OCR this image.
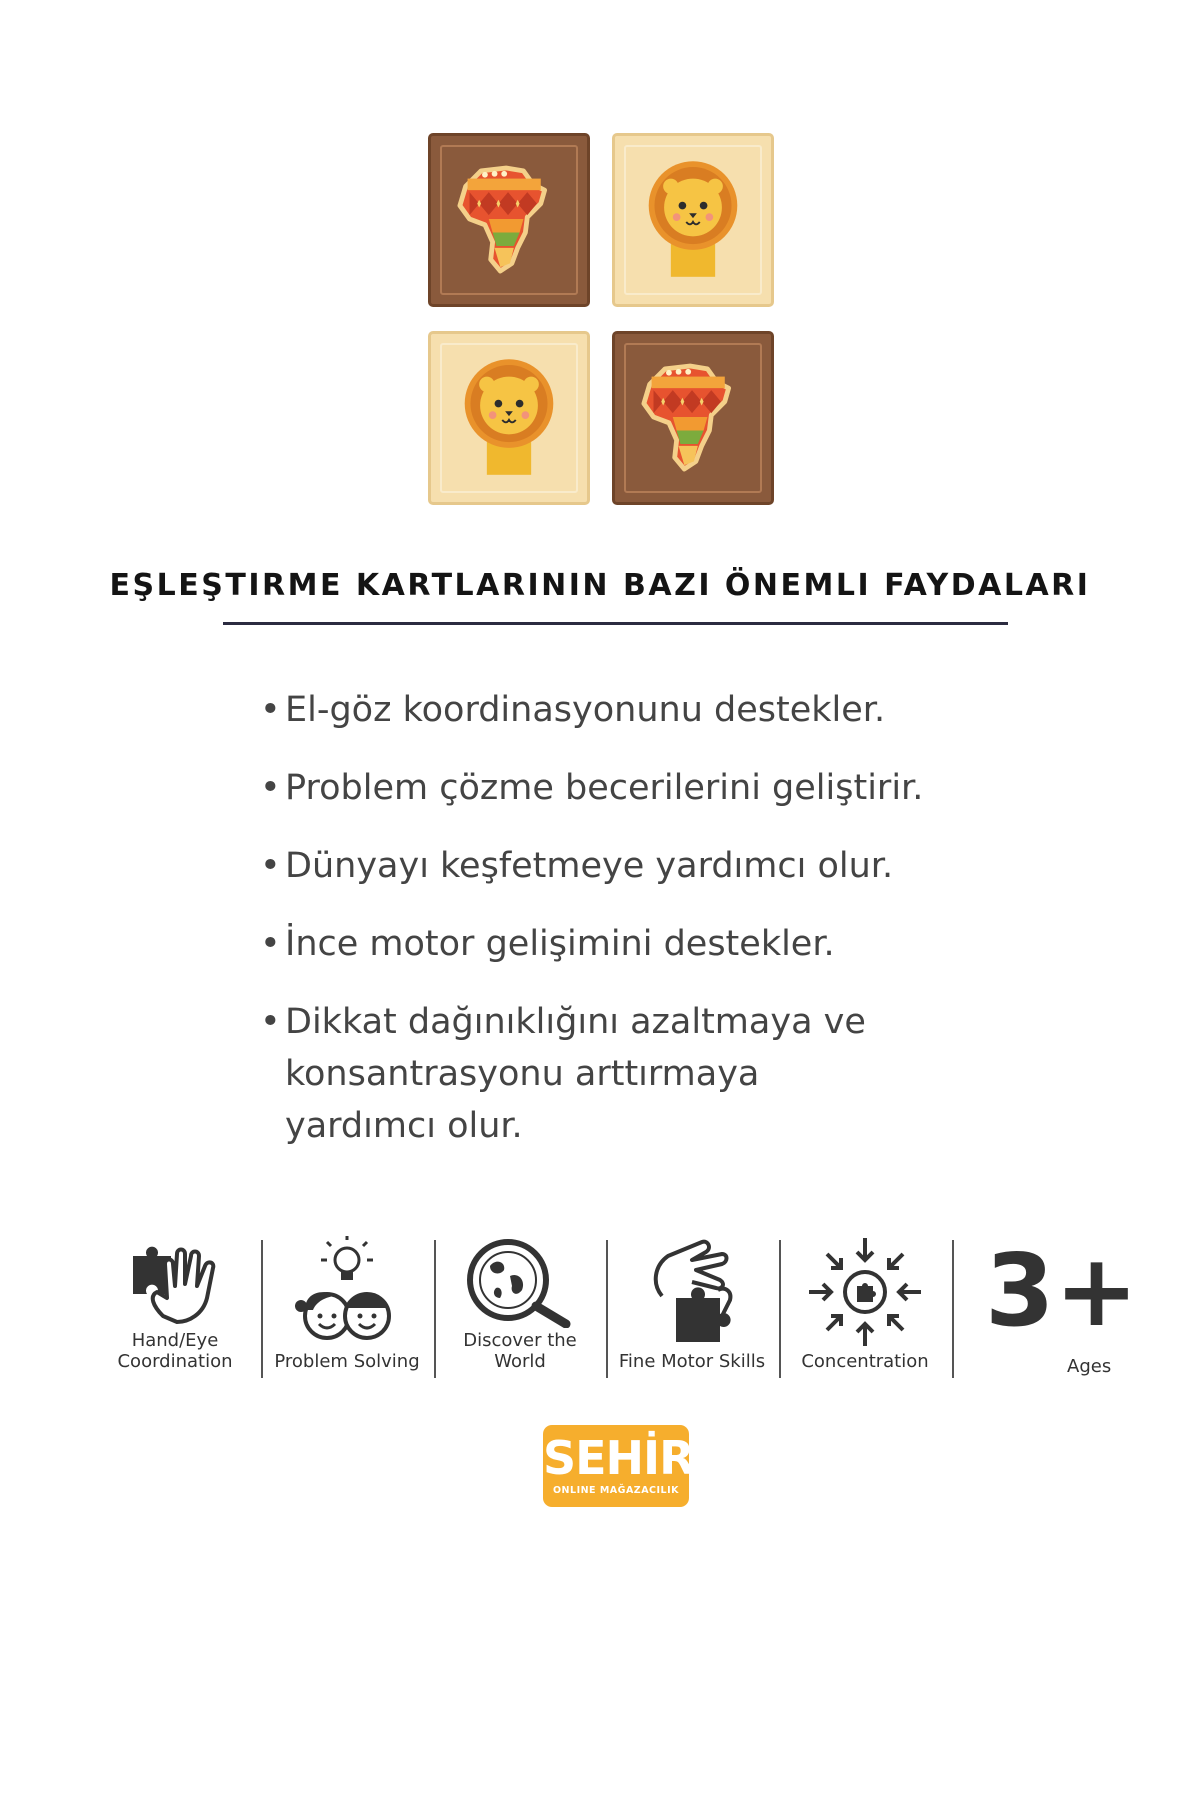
EŞLEŞTIRME KARTLARININ BAZI ÖNEMLI FAYDALARI
• El-göz koordinasyonunu destekler.
• Problem çözme becerilerini geliştirir.
• Dünyayı keşfetmeye yardımcı olur.
• İnce motor gelişimini destekler.
• Dikkat dağınıklığını azaltmaya ve konsantrasyonu arttırmaya yardımcı olur.
Hand/Eye
Coordination	Problem Solving
Discover the
World	Fine Motor Skills	Concentration
3+
Ages
SEHİR
ONLINE MAĞAZACILIK
